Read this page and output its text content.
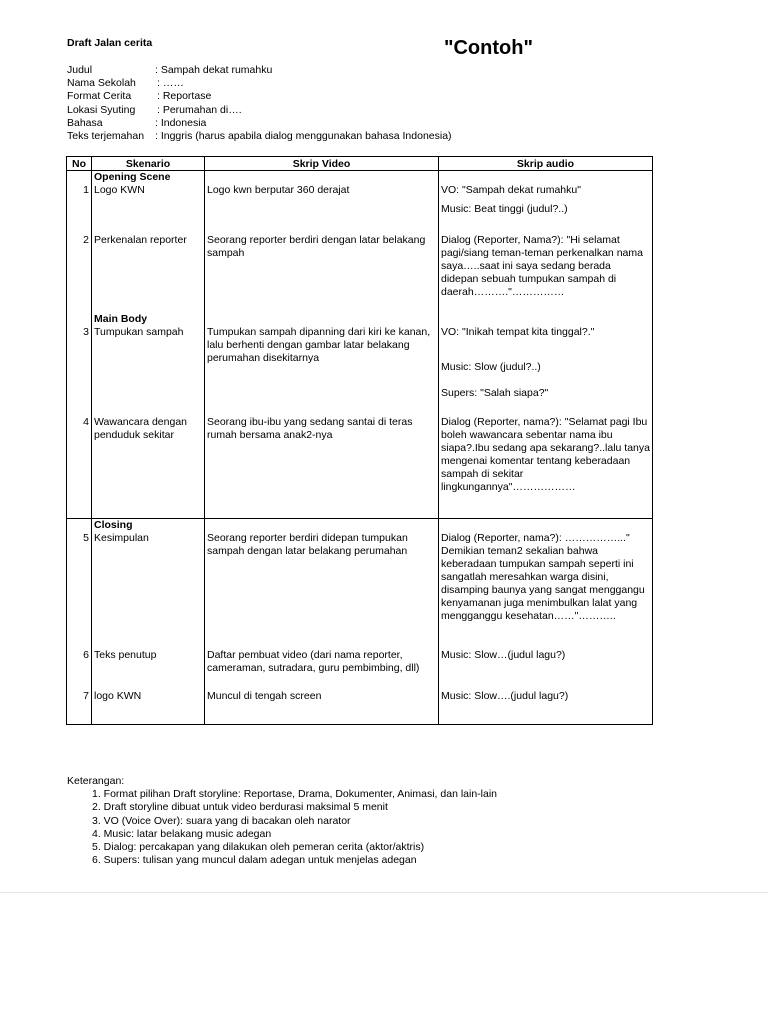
Draft Jalan cerita	"Contoh"
Judul	: Sampah dekat rumahku
Nama Sekolah : ……
Format Cerita : Reportase
Lokasi Syuting : Perumahan di….
Bahasa	: Indonesia
Teks terjemahan : Inggris (harus apabila dialog menggunakan bahasa Indonesia)
No	Skenario	Skrip Video	Skrip audio
	Opening Scene		
1	Logo KWN	Logo kwn berputar 360 derajat	VO: "Sampah dekat rumahku"
Music: Beat tinggi (judul?..)

2	Perkenalan reporter	Seorang reporter berdiri dengan latar belakang sampah	Dialog (Reporter, Nama?): "Hi selamat pagi/siang teman-teman perkenalkan nama saya…..saat ini saya sedang berada didepan sebuah tumpukan sampah di daerah………."……………

	Main Body		
3	Tumpukan sampah	Tumpukan sampah dipanning dari kiri ke kanan, lalu berhenti dengan gambar latar belakang perumahan disekitarnya	VO: "Inikah tempat kita tinggal?."
Music: Slow (judul?..)
Supers: "Salah siapa?"

4	Wawancara dengan penduduk sekitar	Seorang ibu-ibu yang sedang santai di teras rumah bersama anak2-nya	Dialog (Reporter, nama?): "Selamat pagi Ibu boleh wawancara sebentar nama ibu siapa?.Ibu sedang apa sekarang?..lalu tanya mengenai komentar tentang keberadaan sampah di sekitar lingkungannya"………………

	Closing		
5	Kesimpulan	Seorang reporter berdiri didepan tumpukan sampah dengan latar belakang perumahan	Dialog (Reporter, nama?): ……………..." Demikian teman2 sekalian bahwa keberadaan tumpukan sampah seperti ini sangatlah meresahkan warga disini, disamping baunya yang sangat menggangu kenyamanan juga menimbulkan lalat yang mengganggu kesehatan……"………..

6	Teks penutup	Daftar pembuat video (dari nama reporter, cameraman, sutradara, guru pembimbing, dll)	Music: Slow…(judul lagu?)

7	logo KWN	Muncul di tengah screen	Music: Slow….(judul lagu?)
Keterangan:
1. Format pilihan Draft storyline: Reportase, Drama, Dokumenter, Animasi, dan lain-lain
2. Draft storyline dibuat untuk video berdurasi maksimal 5 menit
3. VO (Voice Over): suara yang di bacakan oleh narator
4. Music: latar belakang music adegan
5. Dialog: percakapan yang dilakukan oleh pemeran cerita (aktor/aktris)
6. Supers: tulisan yang muncul dalam adegan untuk menjelas adegan
